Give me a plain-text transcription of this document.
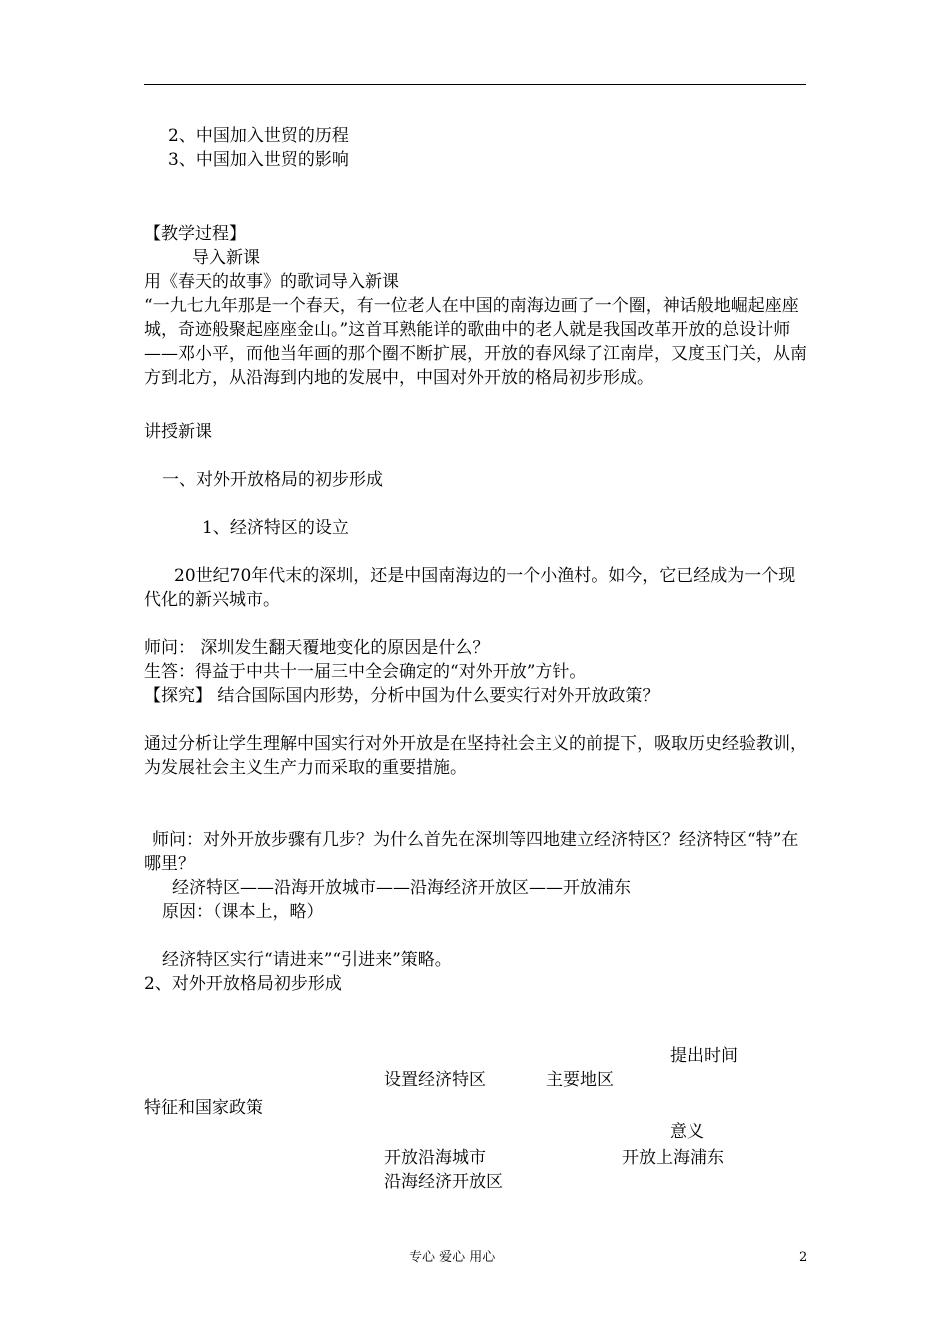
2、中国加入世贸的历程
3、中国加入世贸的影响
【教学过程】
导入新课
用《春天的故事》的歌词导入新课
“一九七九年那是一个春天，有一位老人在中国的南海边画了一个圈，神话般地崛起座座城，奇迹般聚起座座金山。”这首耳熟能详的歌曲中的老人就是我国改革开放的总设计师——邓小平，而他当年画的那个圈不断扩展，开放的春风绿了江南岸，又度玉门关，从南方到北方，从沿海到内地的发展中，中国对外开放的格局初步形成。
讲授新课
一、对外开放格局的初步形成
1、经济特区的设立
20世纪70年代末的深圳，还是中国南海边的一个小渔村。如今，它已经成为一个现代化的新兴城市。
师问： 深圳发生翻天覆地变化的原因是什么？
生答：得益于中共十一届三中全会确定的“对外开放”方针。
【探究】 结合国际国内形势，分析中国为什么要实行对外开放政策？
通过分析让学生理解中国实行对外开放是在坚持社会主义的前提下，吸取历史经验教训，为发展社会主义生产力而采取的重要措施。
师问：对外开放步骤有几步？为什么首先在深圳等四地建立经济特区？经济特区“特”在哪里？
经济特区——沿海开放城市——沿海经济开放区——开放浦东
原因：（课本上，略）
经济特区实行“请进来”“引进来”策略。
2、对外开放格局初步形成
提出时间
设置经济特区	主要地区
特征和国家政策
意义
开放沿海城市	开放上海浦东
沿海经济开放区
专心 爱心 用心	2
